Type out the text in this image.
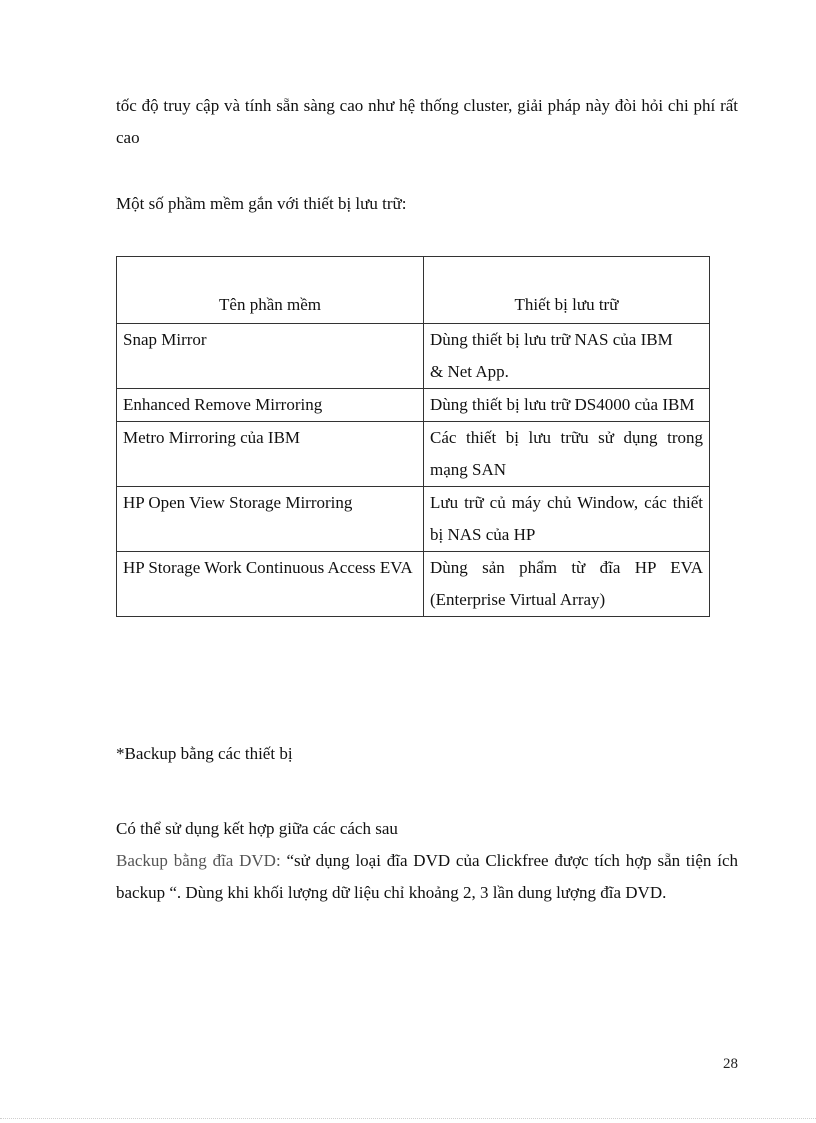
tốc độ truy cập và tính sẵn sàng cao như hệ thống cluster, giải pháp này đòi hỏi chi phí rất cao

Một số phầm mềm gắn với thiết bị lưu trữ:

Tên phần mềm	Thiết bị lưu trữ
Snap Mirror	Dùng thiết bị lưu trữ NAS của IBM
& Net App.
Enhanced Remove Mirroring	Dùng thiết bị lưu trữ DS4000 của IBM
Metro Mirroring của IBM	Các thiết bị lưu trữu sử dụng trong mạng SAN
HP Open View Storage Mirroring	Lưu trữ củ máy chủ Window, các thiết bị NAS của HP
HP Storage Work Continuous Access EVA	Dùng sản phẩm từ đĩa HP EVA (Enterprise Virtual Array)

*Backup bằng các thiết bị

Có thể sử dụng kết hợp giữa các cách sau

Backup bằng đĩa DVD: “sử dụng loại đĩa DVD của Clickfree được tích hợp sẵn tiện ích backup “. Dùng khi khối lượng dữ liệu chỉ khoảng 2, 3 lần dung lượng đĩa DVD.

28
